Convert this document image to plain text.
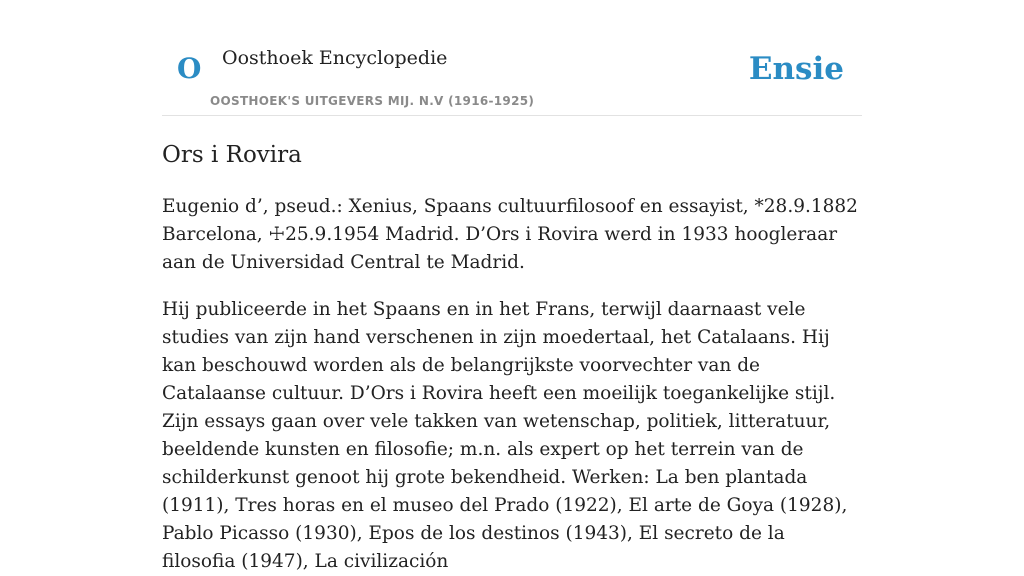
O Oosthoek Encyclopedie
OOSTHOEK'S UITGEVERS MIJ. N.V (1916-1925)
Ensie
Ors i Rovira

Eugenio d’, pseud.: Xenius, Spaans cultuurfilosoof en essayist, *28.9.1882 Barcelona, ☩25.9.1954 Madrid. D’Ors i Rovira werd in 1933 hoogleraar aan de Universidad Central te Madrid.

Hij publiceerde in het Spaans en in het Frans, terwijl daarnaast vele studies van zijn hand verschenen in zijn moedertaal, het Catalaans. Hij kan beschouwd worden als de belangrijkste voorvechter van de Catalaanse cultuur. D’Ors i Rovira heeft een moeilijk toegankelijke stijl. Zijn essays gaan over vele takken van wetenschap, politiek, litteratuur, beeldende kunsten en filosofie; m.n. als expert op het terrein van de schilderkunst genoot hij grote bekendheid. Werken: La ben plantada (1911), Tres horas en el museo del Prado (1922), El arte de Goya (1928), Pablo Picasso (1930), Epos de los destinos (1943), El secreto de la filosofia (1947), La civilización
